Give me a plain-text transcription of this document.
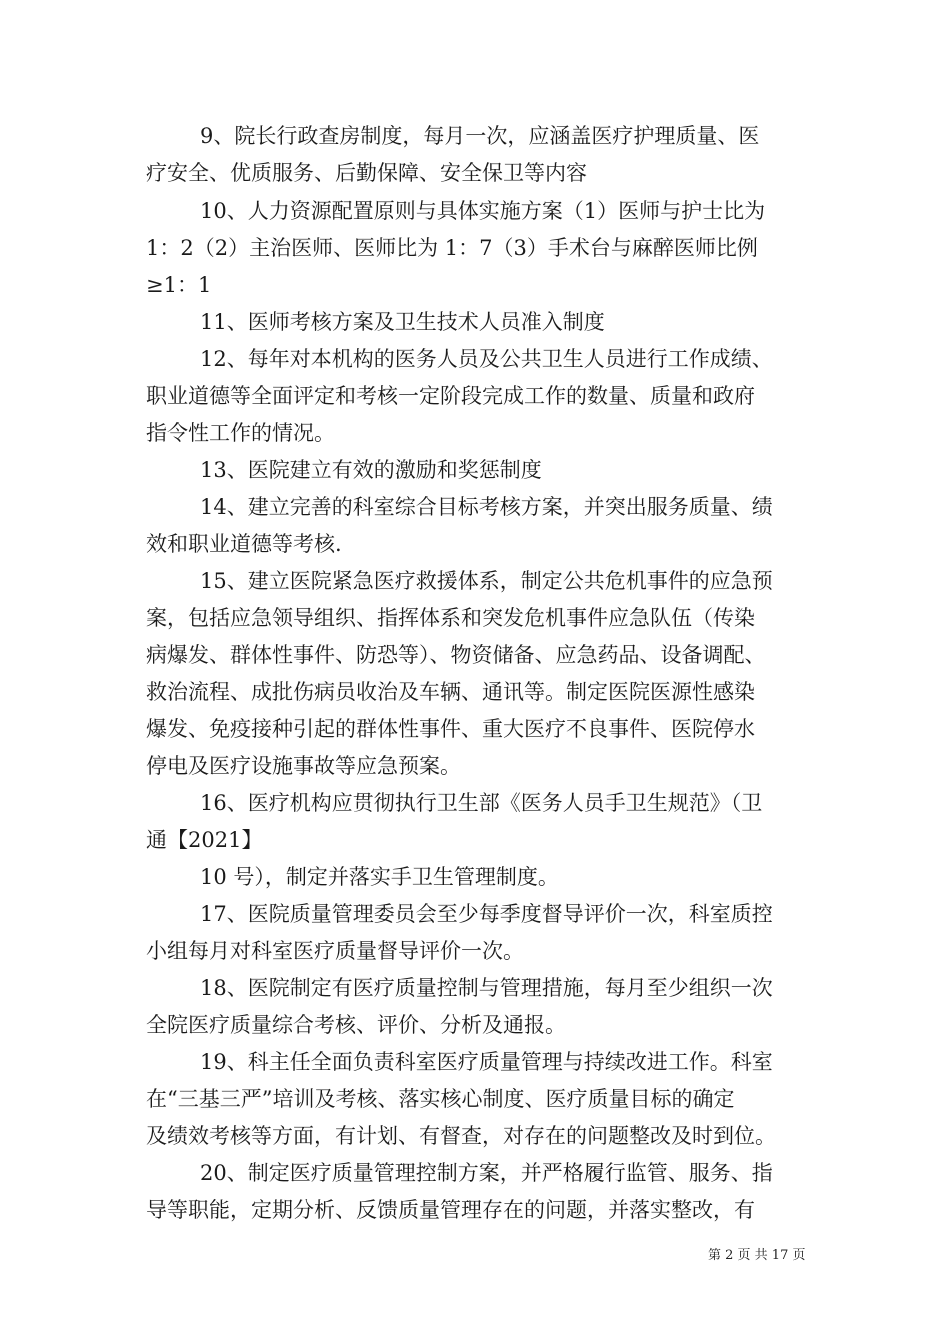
9、院长行政查房制度，每月一次，应涵盖医疗护理质量、医
疗安全、优质服务、后勤保障、安全保卫等内容
10、人力资源配置原则与具体实施方案（1）医师与护士比为
1：2（2）主治医师、医师比为 1：7（3）手术台与麻醉医师比例
≥1：1
11、医师考核方案及卫生技术人员准入制度
12、每年对本机构的医务人员及公共卫生人员进行工作成绩、
职业道德等全面评定和考核一定阶段完成工作的数量、质量和政府
指令性工作的情况。
13、医院建立有效的激励和奖惩制度
14、建立完善的科室综合目标考核方案，并突出服务质量、绩
效和职业道德等考核.
15、建立医院紧急医疗救援体系，制定公共危机事件的应急预
案，包括应急领导组织、指挥体系和突发危机事件应急队伍（传染
病爆发、群体性事件、防恐等）、物资储备、应急药品、设备调配、
救治流程、成批伤病员收治及车辆、通讯等。制定医院医源性感染
爆发、免疫接种引起的群体性事件、重大医疗不良事件、医院停水
停电及医疗设施事故等应急预案。
16、医疗机构应贯彻执行卫生部《医务人员手卫生规范》（卫
通【2021】
10 号），制定并落实手卫生管理制度。
17、医院质量管理委员会至少每季度督导评价一次，科室质控
小组每月对科室医疗质量督导评价一次。
18、医院制定有医疗质量控制与管理措施，每月至少组织一次
全院医疗质量综合考核、评价、分析及通报。
19、科主任全面负责科室医疗质量管理与持续改进工作。科室
在“三基三严”培训及考核、落实核心制度、医疗质量目标的确定
及绩效考核等方面，有计划、有督查，对存在的问题整改及时到位。
20、制定医疗质量管理控制方案，并严格履行监管、服务、指
导等职能，定期分析、反馈质量管理存在的问题，并落实整改，有
第 2 页 共 17 页
